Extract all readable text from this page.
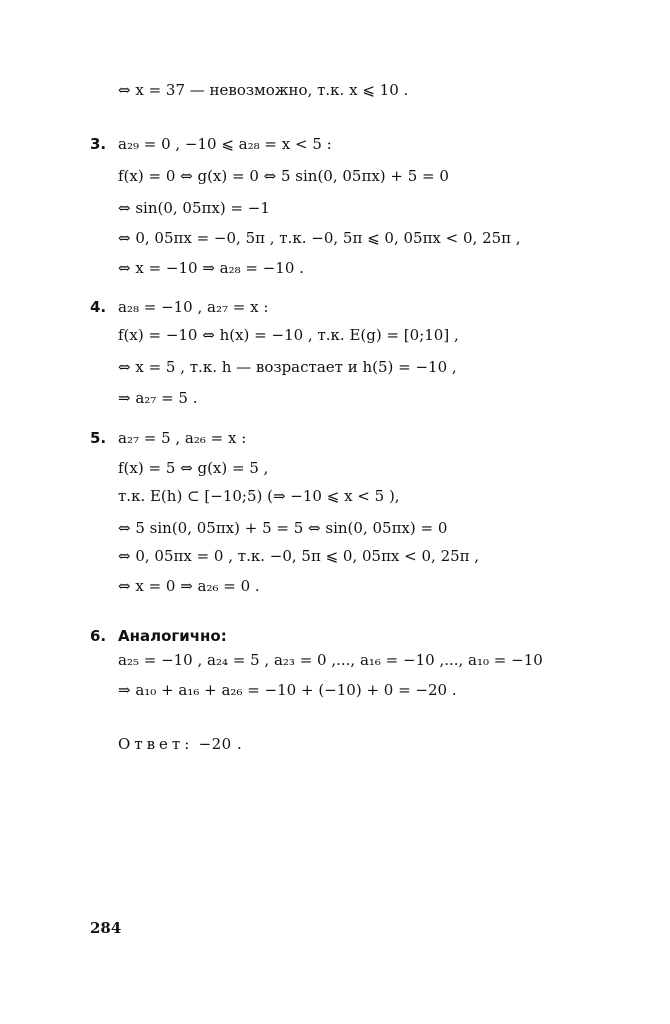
⇔ x = 37 — невозможно, т.к. x ⩽ 10 .
3. a₂₉ = 0 , −10 ⩽ a₂₈ = x < 5 :
f(x) = 0 ⇔ g(x) = 0 ⇔ 5 sin(0, 05πx) + 5 = 0
⇔ sin(0, 05πx) = −1
⇔ 0, 05πx = −0, 5π , т.к. −0, 5π ⩽ 0, 05πx < 0, 25π ,
⇔ x = −10 ⇒ a₂₈ = −10 .
4. a₂₈ = −10 , a₂₇ = x :
f(x) = −10 ⇔ h(x) = −10 , т.к. E(g) = [0;10] ,
⇔ x = 5 , т.к. h — возрастает и h(5) = −10 ,
⇒ a₂₇ = 5 .
5. a₂₇ = 5 , a₂₆ = x :
f(x) = 5 ⇔ g(x) = 5 ,
т.к. E(h) ⊂ [−10;5) (⇒ −10 ⩽ x < 5 ),
⇔ 5 sin(0, 05πx) + 5 = 5 ⇔ sin(0, 05πx) = 0
⇔ 0, 05πx = 0 , т.к. −0, 5π ⩽ 0, 05πx < 0, 25π ,
⇔ x = 0 ⇒ a₂₆ = 0 .
6. Аналогично:
a₂₅ = −10 , a₂₄ = 5 , a₂₃ = 0 ,..., a₁₆ = −10 ,..., a₁₀ = −10
⇒ a₁₀ + a₁₆ + a₂₆ = −10 + (−10) + 0 = −20 .
Ответ: −20 .
284
